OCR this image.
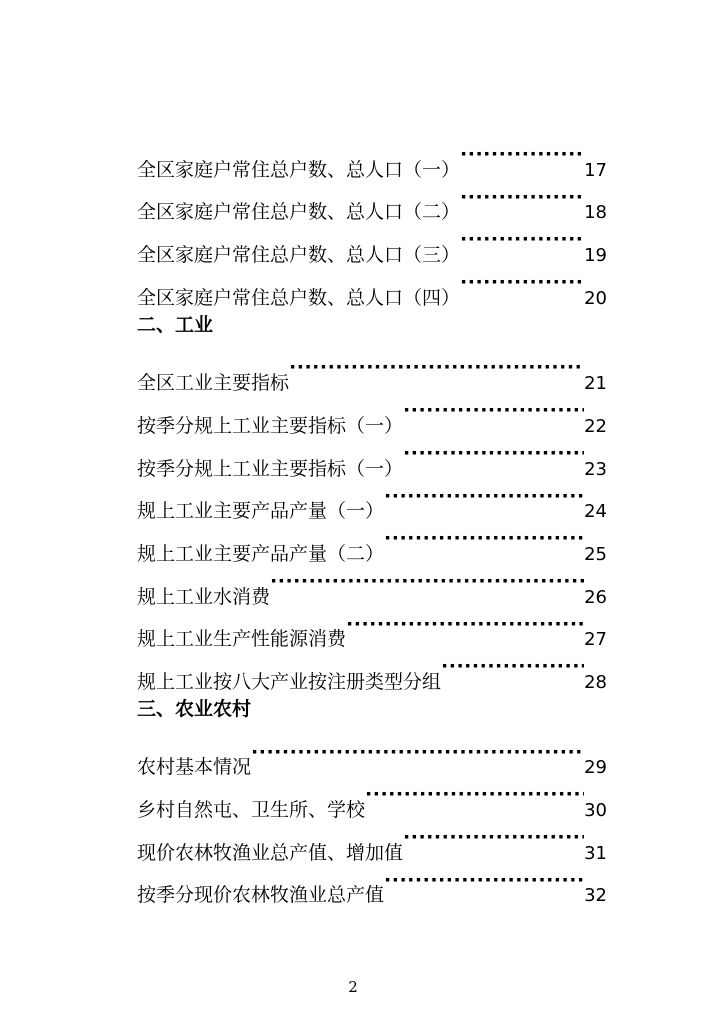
全区家庭户常住总户数、总人口（一） ·····	17
全区家庭户常住总户数、总人口（二） ·····	18
全区家庭户常住总户数、总人口（三） ·····	19
全区家庭户常住总户数、总人口（四） ·····	20
二、工业
全区工业主要指标 ·····	21
按季分规上工业主要指标（一） ·····	22
按季分规上工业主要指标（一） ·····	23
规上工业主要产品产量（一） ·····	24
规上工业主要产品产量（二） ·····	25
规上工业水消费 ·····	26
规上工业生产性能源消费 ·····	27
规上工业按八大产业按注册类型分组 ·····	28
三、农业农村
农村基本情况 ·····	29
乡村自然屯、卫生所、学校 ·····	30
现价农林牧渔业总产值、增加值 ·····	31
按季分现价农林牧渔业总产值 ·····	32
2
